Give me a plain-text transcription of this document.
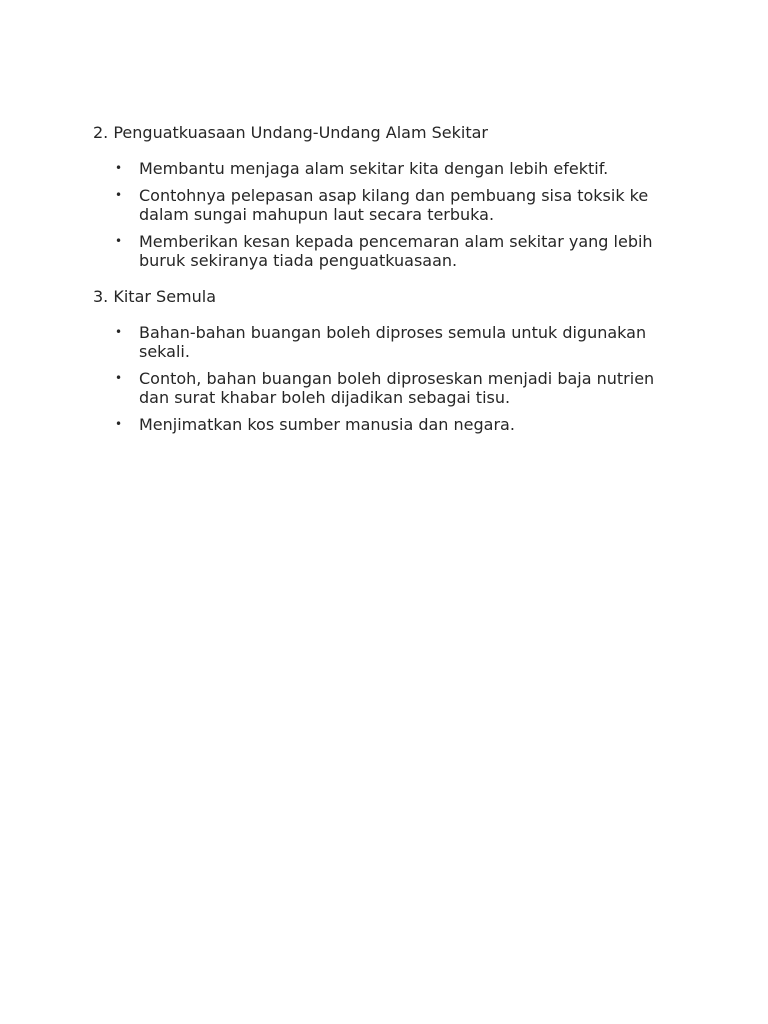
2. Penguatkuasaan Undang-Undang Alam Sekitar

• Membantu menjaga alam sekitar kita dengan lebih efektif.
• Contohnya pelepasan asap kilang dan pembuang sisa toksik ke dalam sungai mahupun laut secara terbuka.
• Memberikan kesan kepada pencemaran alam sekitar yang lebih buruk sekiranya tiada penguatkuasaan.

3. Kitar Semula

• Bahan-bahan buangan boleh diproses semula untuk digunakan sekali.
• Contoh, bahan buangan boleh diproseskan menjadi baja nutrien dan surat khabar boleh dijadikan sebagai tisu.
• Menjimatkan kos sumber manusia dan negara.
